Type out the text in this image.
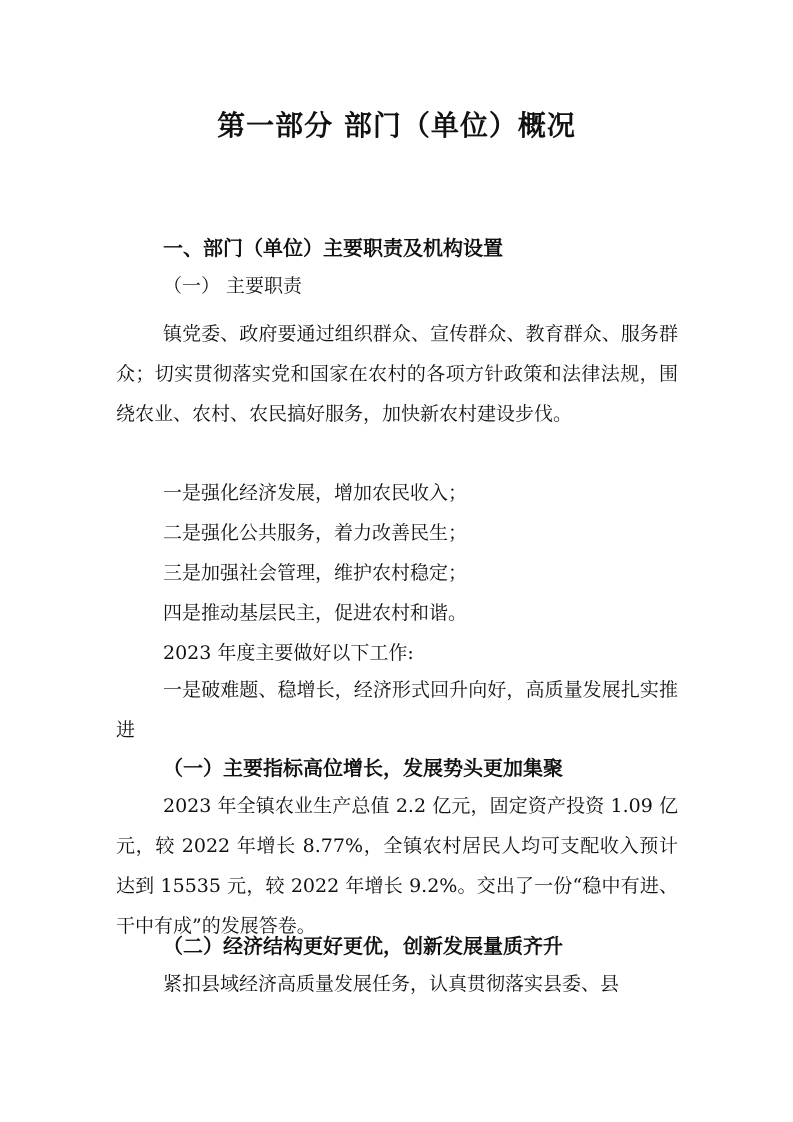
第一部分 部门（单位）概况
一、部门（单位）主要职责及机构设置
（一） 主要职责
镇党委、政府要通过组织群众、宣传群众、教育群众、服务群众；切实贯彻落实党和国家在农村的各项方针政策和法律法规，围绕农业、农村、农民搞好服务，加快新农村建设步伐。
一是强化经济发展，增加农民收入；
二是强化公共服务，着力改善民生；
三是加强社会管理，维护农村稳定；
四是推动基层民主，促进农村和谐。
2023 年度主要做好以下工作:
一是破难题、稳增长，经济形式回升向好，高质量发展扎实推进
（一）主要指标高位增长，发展势头更加集聚
2023 年全镇农业生产总值 2.2 亿元，固定资产投资 1.09 亿元，较 2022 年增长 8.77%，全镇农村居民人均可支配收入预计达到 15535 元，较 2022 年增长 9.2%。交出了一份“稳中有进、干中有成”的发展答卷。
（二）经济结构更好更优，创新发展量质齐升
紧扣县域经济高质量发展任务，认真贯彻落实县委、县
